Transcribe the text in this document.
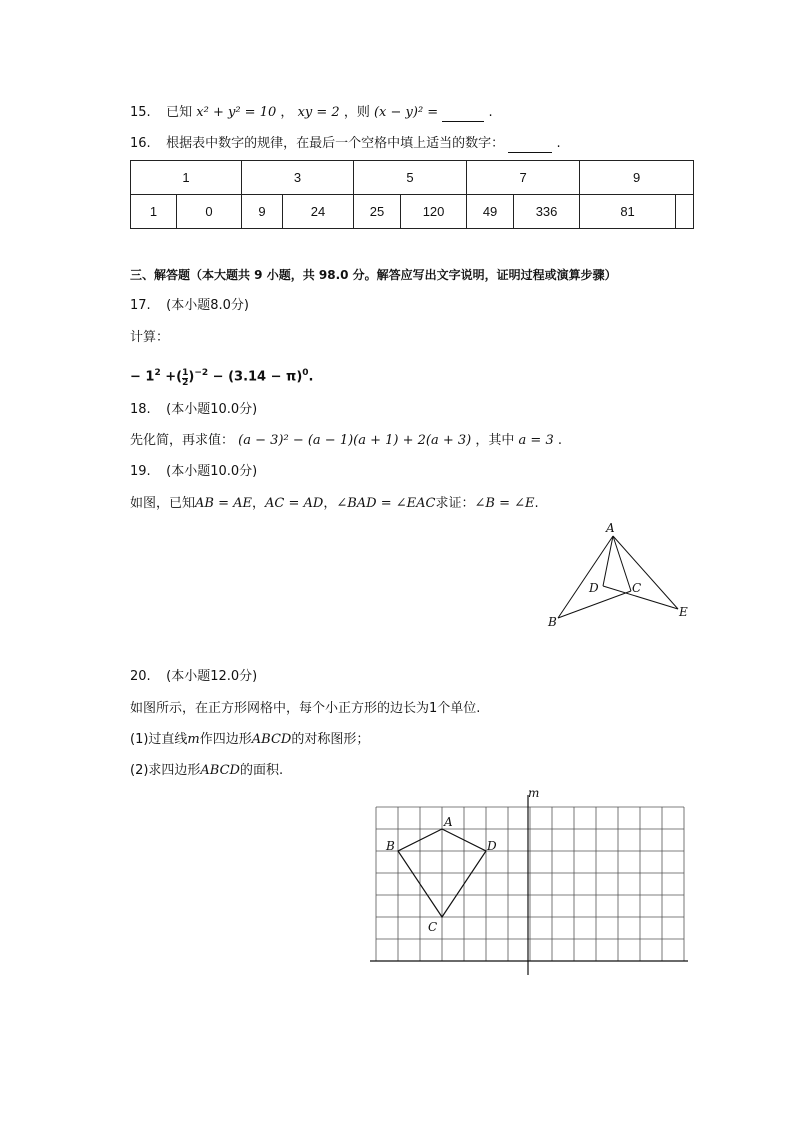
15. 已知 x² + y² = 10 ， xy = 2 ，则 (x − y)² =	.
16. 根据表中数字的规律，在最后一个空格中填上适当的数字：	.
1		3		5		7		9	
1	0	9	24	25	120	49	336	81	
三、解答题（本大题共 9 小题，共 98.0 分。解答应写出文字说明，证明过程或演算步骤）
17. (本小题8.0分)
计算：
− $1^2$ +( $\frac{1}{2} )^{-2} - (3.14 - \pi)^0$.
18. (本小题10.0分)
先化简，再求值： (a − 3)² − (a − 1)(a + 1) + 2(a + 3) ，其中 a = 3 .
19. (本小题10.0分)
如图，已知AB = AE，AC = AD，∠BAD = ∠EAC求证：∠B = ∠E.
A
B
D	C
E
20. (本小题12.0分)
如图所示，在正方形网格中，每个小正方形的边长为1个单位.
(1)过直线m作四边形ABCD的对称图形；
(2)求四边形ABCD的面积.
m
A
B	D
C
